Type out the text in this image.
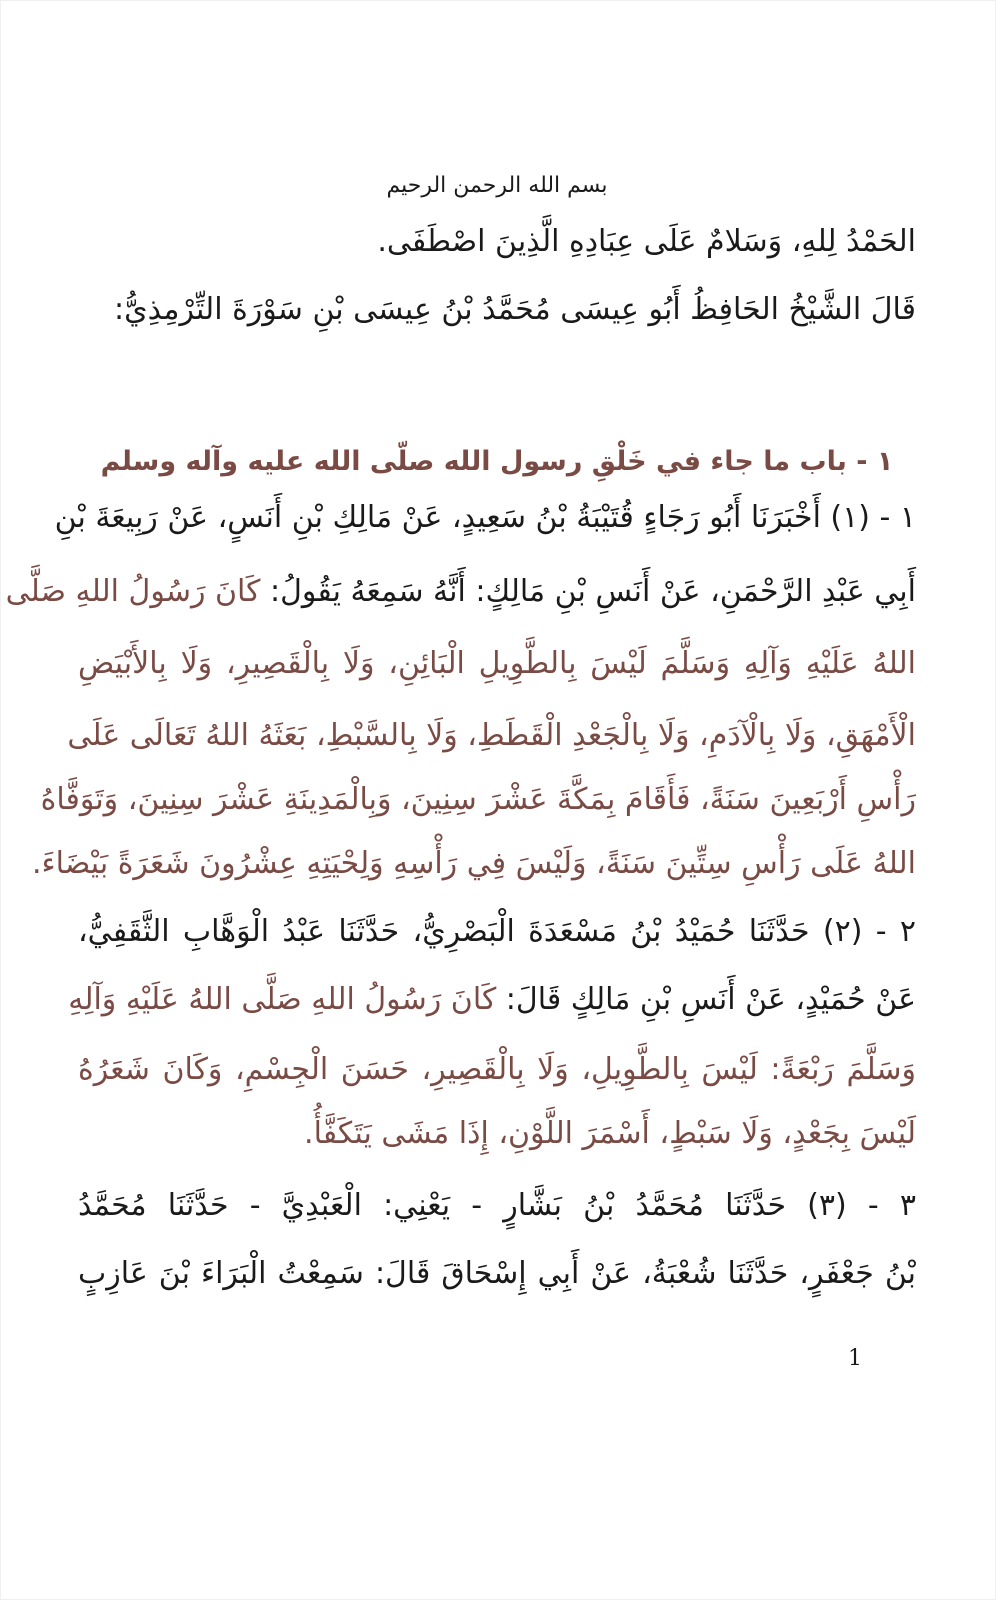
بسم الله الرحمن الرحيم
الحَمْدُ لِلهِ، وَسَلامٌ عَلَى عِبَادِهِ الَّذِينَ اصْطَفَى.
قَالَ الشَّيْخُ الحَافِظُ أَبُو عِيسَى مُحَمَّدُ بْنُ عِيسَى بْنِ سَوْرَةَ التِّرْمِذِيُّ:
١ - باب ما جاء في خَلْقِ رسول الله صلّى الله عليه وآله وسلم
١ - (١) أَخْبَرَنَا أَبُو رَجَاءٍ قُتَيْبَةُ بْنُ سَعِيدٍ، عَنْ مَالِكِ بْنِ أَنَسٍ، عَنْ رَبِيعَةَ بْنِ
أَبِي عَبْدِ الرَّحْمَنِ، عَنْ أَنَسِ بْنِ مَالِكٍ: أَنَّهُ سَمِعَهُ يَقُولُ: كَانَ رَسُولُ اللهِ صَلَّى
اللهُ عَلَيْهِ وَآلِهِ وَسَلَّمَ لَيْسَ بِالطَّوِيلِ الْبَائِنِ، وَلَا بِالْقَصِيرِ، وَلَا بِالأَبْيَضِ
الْأَمْهَقِ، وَلَا بِالْآدَمِ، وَلَا بِالْجَعْدِ الْقَطَطِ، وَلَا بِالسَّبْطِ، بَعَثَهُ اللهُ تَعَالَى عَلَى
رَأْسِ أَرْبَعِينَ سَنَةً، فَأَقَامَ بِمَكَّةَ عَشْرَ سِنِينَ، وَبِالْمَدِينَةِ عَشْرَ سِنِينَ، وَتَوَفَّاهُ
اللهُ عَلَى رَأْسِ سِتِّينَ سَنَةً، وَلَيْسَ فِي رَأْسِهِ وَلِحْيَتِهِ عِشْرُونَ شَعَرَةً بَيْضَاءَ.
٢ - (٢) حَدَّثَنَا حُمَيْدُ بْنُ مَسْعَدَةَ الْبَصْرِيُّ، حَدَّثَنَا عَبْدُ الْوَهَّابِ الثَّقَفِيُّ،
عَنْ حُمَيْدٍ، عَنْ أَنَسِ بْنِ مَالِكٍ قَالَ: كَانَ رَسُولُ اللهِ صَلَّى اللهُ عَلَيْهِ وَآلِهِ
وَسَلَّمَ رَبْعَةً: لَيْسَ بِالطَّوِيلِ، وَلَا بِالْقَصِيرِ، حَسَنَ الْجِسْمِ، وَكَانَ شَعَرُهُ
لَيْسَ بِجَعْدٍ، وَلَا سَبْطٍ، أَسْمَرَ اللَّوْنِ، إِذَا مَشَى يَتَكَفَّأُ.
٣ - (٣) حَدَّثَنَا مُحَمَّدُ بْنُ بَشَّارٍ - يَعْنِي: الْعَبْدِيَّ - حَدَّثَنَا مُحَمَّدُ
بْنُ جَعْفَرٍ، حَدَّثَنَا شُعْبَةُ، عَنْ أَبِي إِسْحَاقَ قَالَ: سَمِعْتُ الْبَرَاءَ بْنَ عَازِبٍ
1
